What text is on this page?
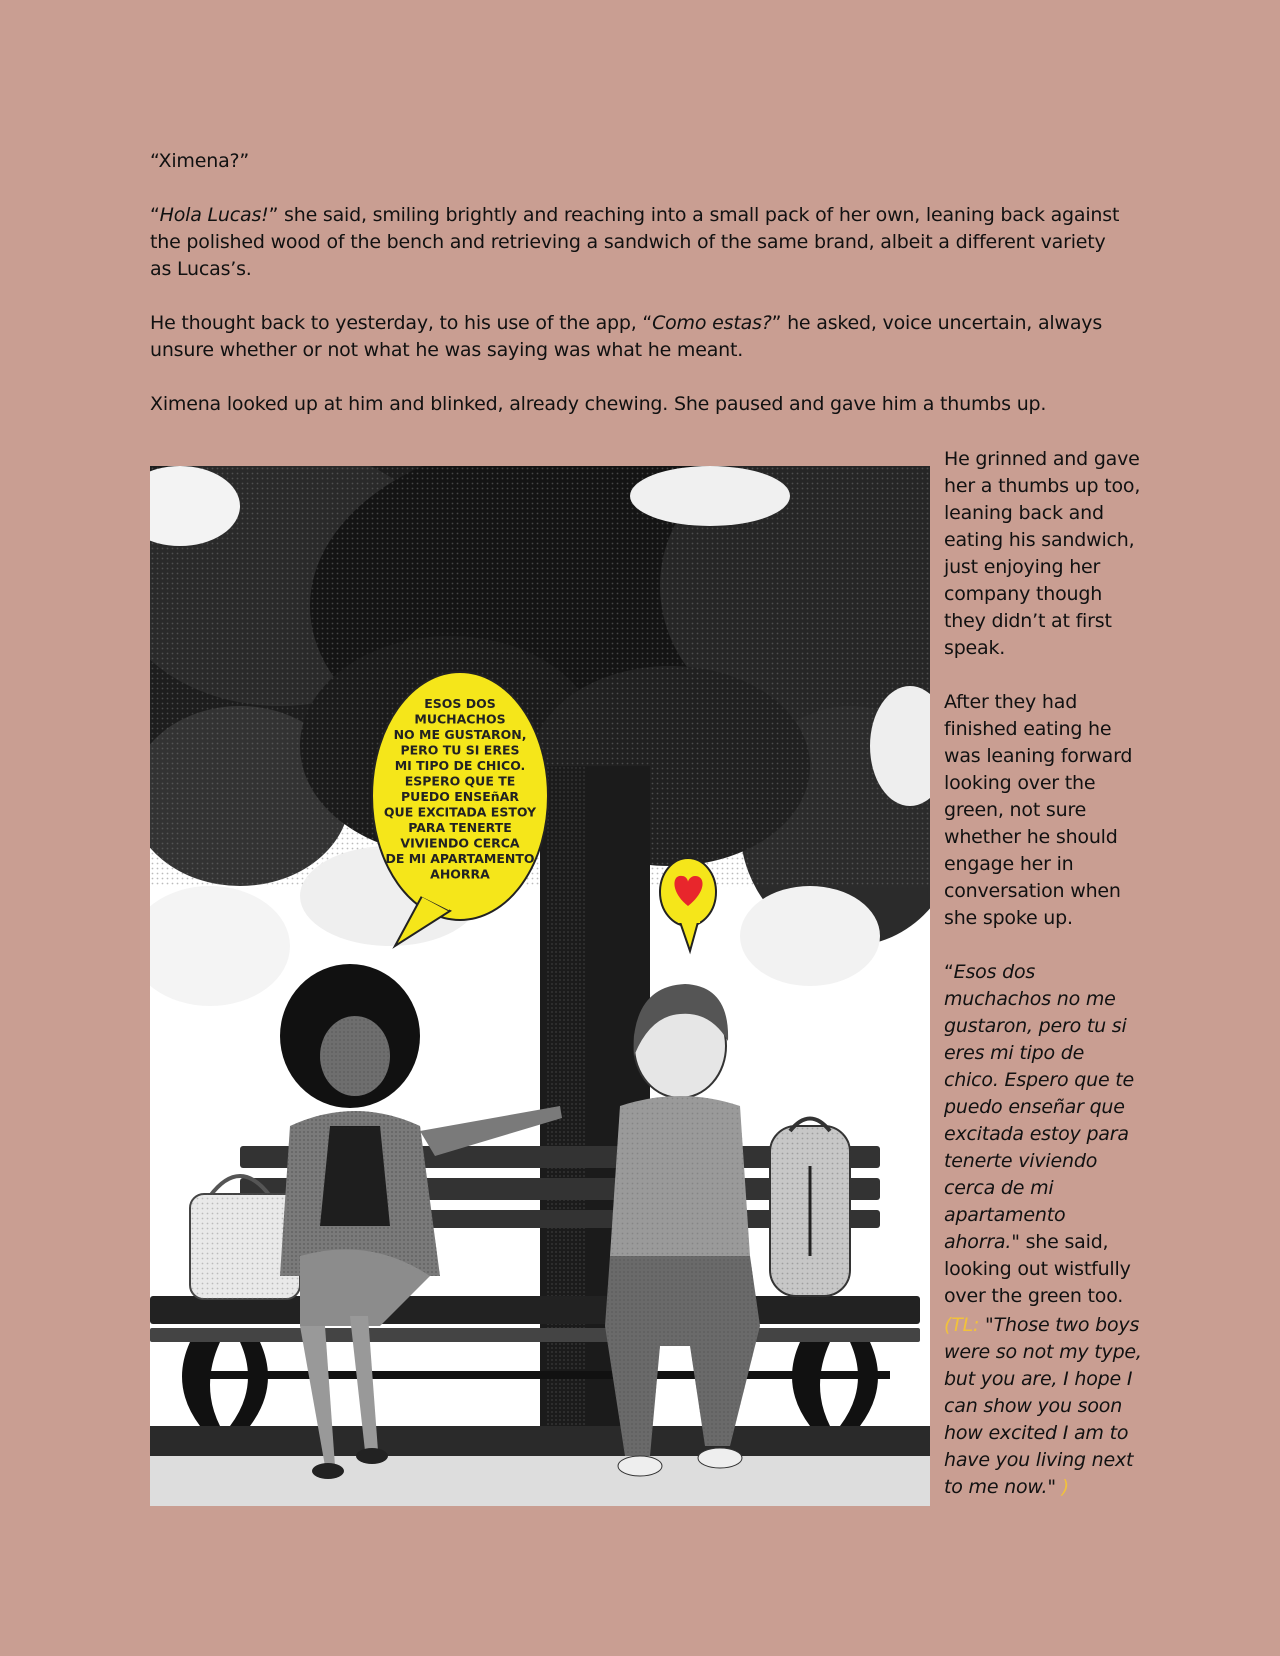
“Ximena?”

“Hola Lucas!” she said, smiling brightly and reaching into a small pack of her own, leaning back against the polished wood of the bench and retrieving a sandwich of the same brand, albeit a different variety as Lucas’s.

He thought back to yesterday, to his use of the app, “Como estas?” he asked, voice uncertain, always unsure whether or not what he was saying was what he meant.

Ximena looked up at him and blinked, already chewing. She paused and gave him a thumbs up.

ESOS DOS MUCHACHOS NO ME GUSTARON, PERO TU SI ERES MI TIPO DE CHICO. ESPERO QUE TE PUEDO ENSEñAR QUE EXCITADA ESTOY PARA TENERTE VIVIENDO CERCA DE MI APARTAMENTO AHORRA

He grinned and gave her a thumbs up too, leaning back and eating his sandwich, just enjoying her company though they didn’t at first speak.

After they had finished eating he was leaning forward looking over the green, not sure whether he should engage her in conversation when she spoke up.

“Esos dos muchachos no me gustaron, pero tu si eres mi tipo de chico. Espero que te puedo enseñar que excitada estoy para tenerte viviendo cerca de mi apartamento ahorra." she said, looking out wistfully over the green too.

(TL: "Those two boys were so not my type, but you are, I hope I can show you soon how excited I am to have you living next to me now." )
